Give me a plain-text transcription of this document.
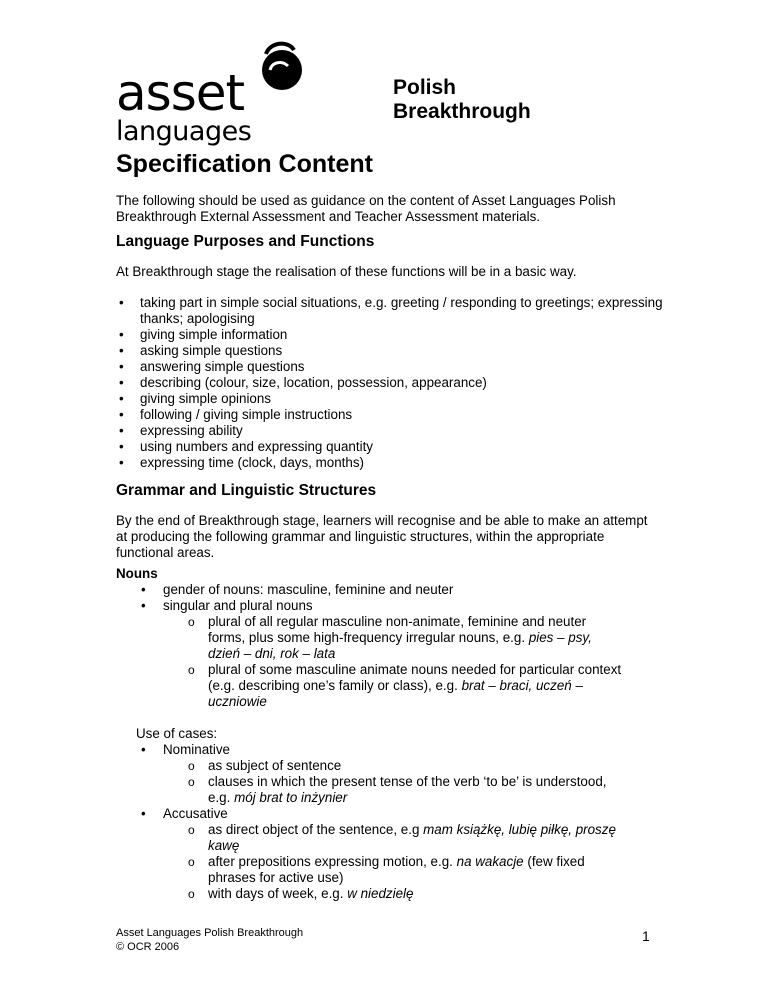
asset
languages
Polish
Breakthrough
Specification Content

The following should be used as guidance on the content of Asset Languages Polish Breakthrough External Assessment and Teacher Assessment materials.

Language Purposes and Functions

At Breakthrough stage the realisation of these functions will be in a basic way.

• taking part in simple social situations, e.g. greeting / responding to greetings; expressing thanks; apologising
• giving simple information
• asking simple questions
• answering simple questions
• describing (colour, size, location, possession, appearance)
• giving simple opinions
• following / giving simple instructions
• expressing ability
• using numbers and expressing quantity
• expressing time (clock, days, months)
Grammar and Linguistic Structures

By the end of Breakthrough stage, learners will recognise and be able to make an attempt at producing the following grammar and linguistic structures, within the appropriate functional areas.

Nouns
• gender of nouns: masculine, feminine and neuter
• singular and plural nouns
o plural of all regular masculine non-animate, feminine and neuter
forms, plus some high-frequency irregular nouns, e.g. pies – psy,
dzień – dni, rok – lata
o plural of some masculine animate nouns needed for particular context
(e.g. describing one’s family or class), e.g. brat – braci, uczeń –
uczniowie
Use of cases:
• Nominative
o as subject of sentence
o clauses in which the present tense of the verb ‘to be’ is understood,
e.g. mój brat to inżynier
• Accusative
o as direct object of the sentence, e.g mam książkę, lubię piłkę, proszę
kawę
o after prepositions expressing motion, e.g. na wakacje (few fixed
phrases for active use)
o with days of week, e.g. w niedzielę
Asset Languages Polish Breakthrough
© OCR 2006
1
